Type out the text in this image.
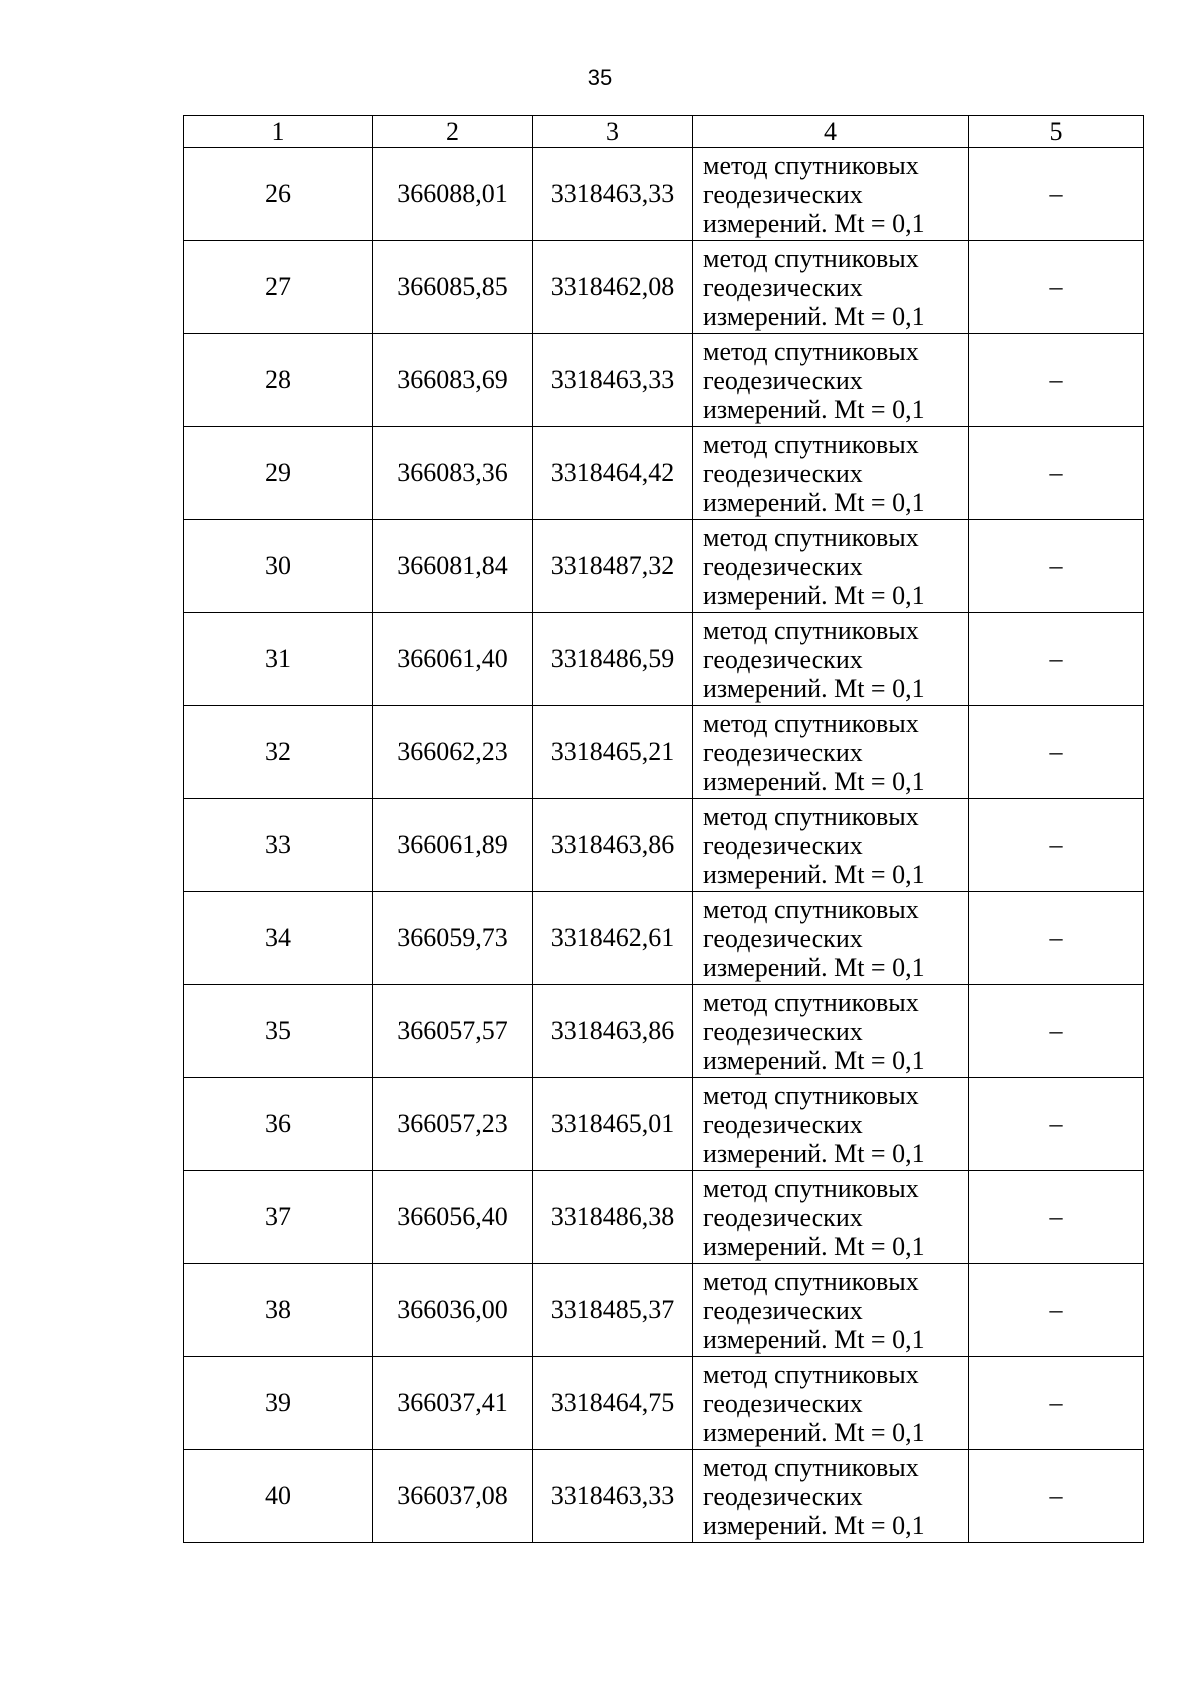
35
1	2	3	4	5
26	366088,01	3318463,33	метод спутниковых
геодезических
измерений. Mt = 0,1	–
27	366085,85	3318462,08	метод спутниковых
геодезических
измерений. Mt = 0,1	–
28	366083,69	3318463,33	метод спутниковых
геодезических
измерений. Mt = 0,1	–
29	366083,36	3318464,42	метод спутниковых
геодезических
измерений. Mt = 0,1	–
30	366081,84	3318487,32	метод спутниковых
геодезических
измерений. Mt = 0,1	–
31	366061,40	3318486,59	метод спутниковых
геодезических
измерений. Mt = 0,1	–
32	366062,23	3318465,21	метод спутниковых
геодезических
измерений. Mt = 0,1	–
33	366061,89	3318463,86	метод спутниковых
геодезических
измерений. Mt = 0,1	–
34	366059,73	3318462,61	метод спутниковых
геодезических
измерений. Mt = 0,1	–
35	366057,57	3318463,86	метод спутниковых
геодезических
измерений. Mt = 0,1	–
36	366057,23	3318465,01	метод спутниковых
геодезических
измерений. Mt = 0,1	–
37	366056,40	3318486,38	метод спутниковых
геодезических
измерений. Mt = 0,1	–
38	366036,00	3318485,37	метод спутниковых
геодезических
измерений. Mt = 0,1	–
39	366037,41	3318464,75	метод спутниковых
геодезических
измерений. Mt = 0,1	–
40	366037,08	3318463,33	метод спутниковых
геодезических
измерений. Mt = 0,1	–
